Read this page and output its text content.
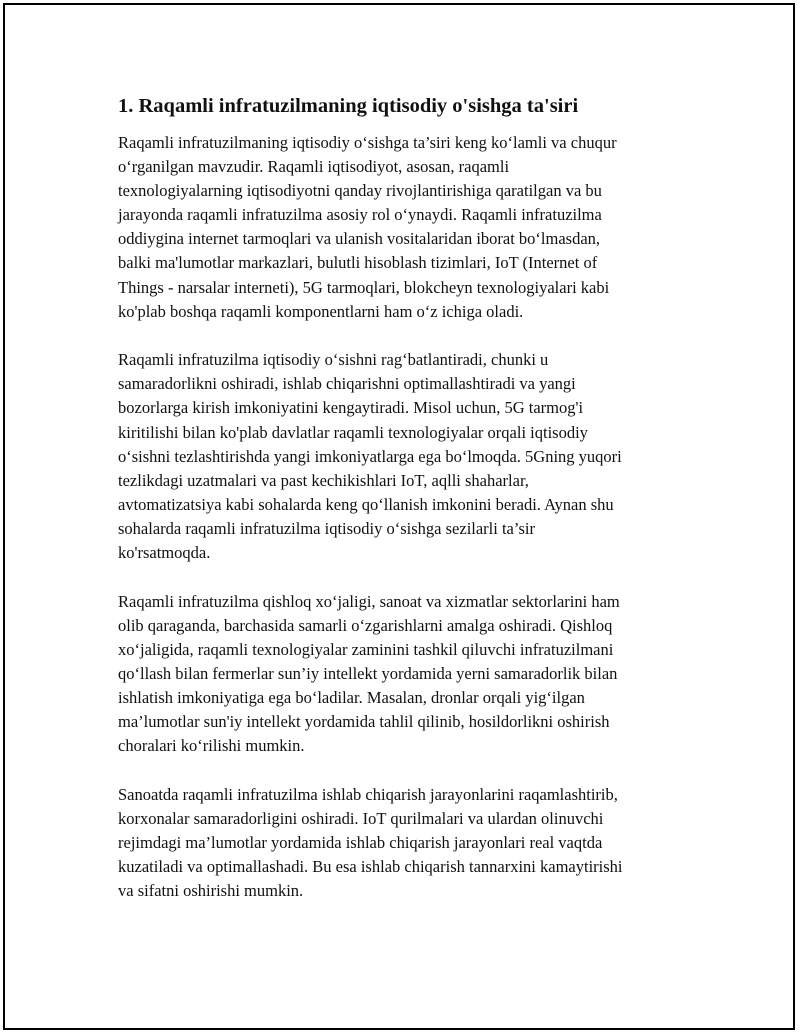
1. Raqamli infratuzilmaning iqtisodiy o'sishga ta'siri

Raqamli infratuzilmaning iqtisodiy o‘sishga ta’siri keng ko‘lamli va chuqur
o‘rganilgan mavzudir. Raqamli iqtisodiyot, asosan, raqamli
texnologiyalarning iqtisodiyotni qanday rivojlantirishiga qaratilgan va bu
jarayonda raqamli infratuzilma asosiy rol o‘ynaydi. Raqamli infratuzilma
oddiygina internet tarmoqlari va ulanish vositalaridan iborat bo‘lmasdan,
balki ma'lumotlar markazlari, bulutli hisoblash tizimlari, IoT (Internet of
Things - narsalar interneti), 5G tarmoqlari, blokcheyn texnologiyalari kabi
ko'plab boshqa raqamli komponentlarni ham o‘z ichiga oladi.

Raqamli infratuzilma iqtisodiy o‘sishni rag‘batlantiradi, chunki u
samaradorlikni oshiradi, ishlab chiqarishni optimallashtiradi va yangi
bozorlarga kirish imkoniyatini kengaytiradi. Misol uchun, 5G tarmog'i
kiritilishi bilan ko'plab davlatlar raqamli texnologiyalar orqali iqtisodiy
o‘sishni tezlashtirishda yangi imkoniyatlarga ega bo‘lmoqda. 5Gning yuqori
tezlikdagi uzatmalari va past kechikishlari IoT, aqlli shaharlar,
avtomatizatsiya kabi sohalarda keng qo‘llanish imkonini beradi. Aynan shu
sohalarda raqamli infratuzilma iqtisodiy o‘sishga sezilarli ta’sir
ko'rsatmoqda.

Raqamli infratuzilma qishloq xo‘jaligi, sanoat va xizmatlar sektorlarini ham
olib qaraganda, barchasida samarli o‘zgarishlarni amalga oshiradi. Qishloq
xo‘jaligida, raqamli texnologiyalar zaminini tashkil qiluvchi infratuzilmani
qo‘llash bilan fermerlar sun’iy intellekt yordamida yerni samaradorlik bilan
ishlatish imkoniyatiga ega bo‘ladilar. Masalan, dronlar orqali yig‘ilgan
ma’lumotlar sun'iy intellekt yordamida tahlil qilinib, hosildorlikni oshirish
choralari ko‘rilishi mumkin.

Sanoatda raqamli infratuzilma ishlab chiqarish jarayonlarini raqamlashtirib,
korxonalar samaradorligini oshiradi. IoT qurilmalari va ulardan olinuvchi
rejimdagi ma’lumotlar yordamida ishlab chiqarish jarayonlari real vaqtda
kuzatiladi va optimallashadi. Bu esa ishlab chiqarish tannarxini kamaytirishi
va sifatni oshirishi mumkin.
